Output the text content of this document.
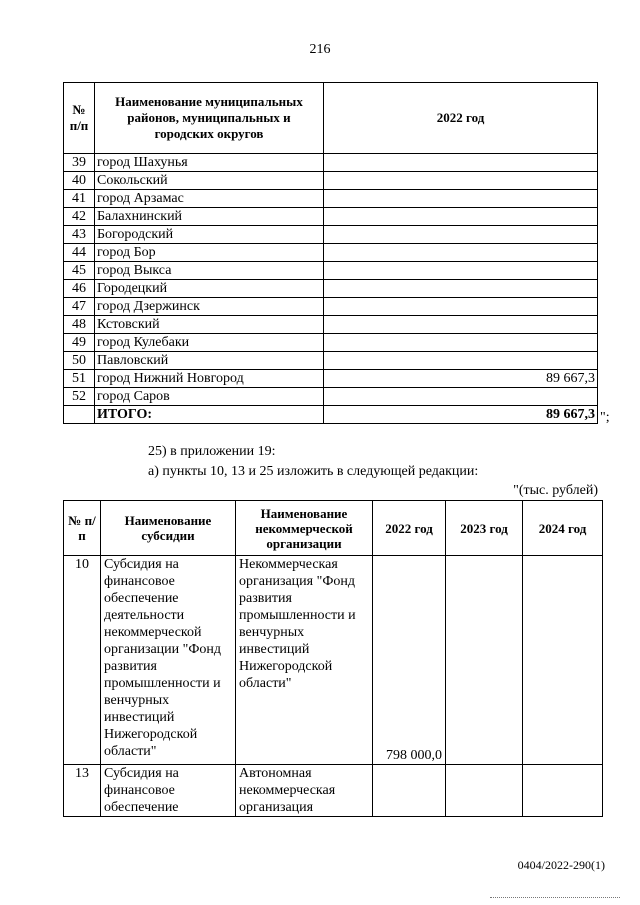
216
№ п/п	Наименование муниципальных районов, муниципальных и городских округов	2022 год
39	город Шахунья	
40	Сокольский	
41	город Арзамас	
42	Балахнинский	
43	Богородский	
44	город Бор	
45	город Выкса	
46	Городецкий	
47	город Дзержинск	
48	Кстовский	
49	город Кулебаки	
50	Павловский	
51	город Нижний Новгород	89 667,3
52	город Саров	
	ИТОГО:	89 667,3 ";
25) в приложении 19:
а) пункты 10, 13 и 25 изложить в следующей редакции:
"(тыс. рублей)
№ п/п	Наименование субсидии	Наименование некоммерческой организации	2022 год	2023 год	2024 год
10	Субсидия на финансовое обеспечение деятельности некоммерческой организации "Фонд развития промышленности и венчурных инвестиций Нижегородской области"	Некоммерческая организация "Фонд развития промышленности и венчурных инвестиций Нижегородской области"	798 000,0		
13	Субсидия на финансовое обеспечение	Автономная некоммерческая организация			
0404/2022-290(1)
